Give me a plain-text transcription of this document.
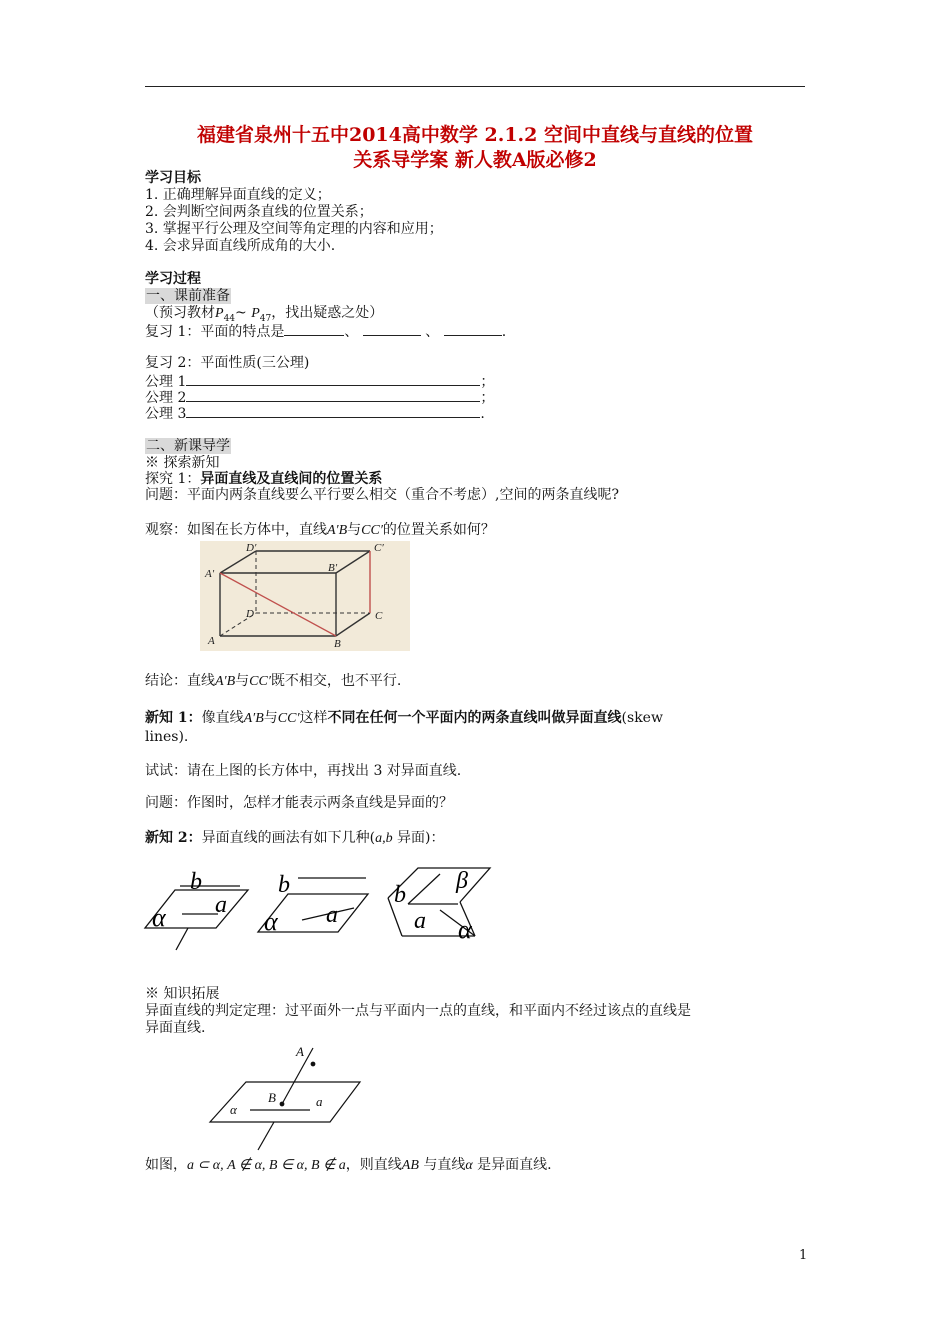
福建省泉州十五中2014高中数学 2.1.2 空间中直线与直线的位置
关系导学案 新人教A版必修2
学习目标
1. 正确理解异面直线的定义；
2. 会判断空间两条直线的位置关系；
3. 掌握平行公理及空间等角定理的内容和应用；
4. 会求异面直线所成角的大小.
学习过程
一、课前准备
（预习教材$P_{44}\sim$ $P_{47}$，找出疑惑之处）
复习 1：平面的特点是	、	、	.
复习 2：平面性质(三公理)
公理 1	；
公理 2	；
公理 3	.
二、新课导学
※ 探索新知
探究 1：异面直线及直线间的位置关系
问题：平面内两条直线要么平行要么相交（重合不考虑）,空间的两条直线呢?
观察：如图在长方体中，直线A′B与CC′的位置关系如何？
D′	C′
A′	B′
D	C
A	B
结论：直线A′B与CC′既不相交，也不平行.
新知 1：像直线A′B与CC′这样不同在任何一个平面内的两条直线叫做异面直线(skew
lines).
试试：请在上图的长方体中，再找出 3 对异面直线.
问题：作图时，怎样才能表示两条直线是异面的？
新知 2：异面直线的画法有如下几种(a,b 异面)：
b
a
α
b
a
α
b
β
a α
※ 知识拓展
异面直线的判定定理：过平面外一点与平面内一点的直线，和平面内不经过该点的直线是
异面直线.
A
B
α
a
如图，a ⊂ α, A ∉ α, B ∈ α, B ∉ a，则直线AB 与直线α 是异面直线.
1
